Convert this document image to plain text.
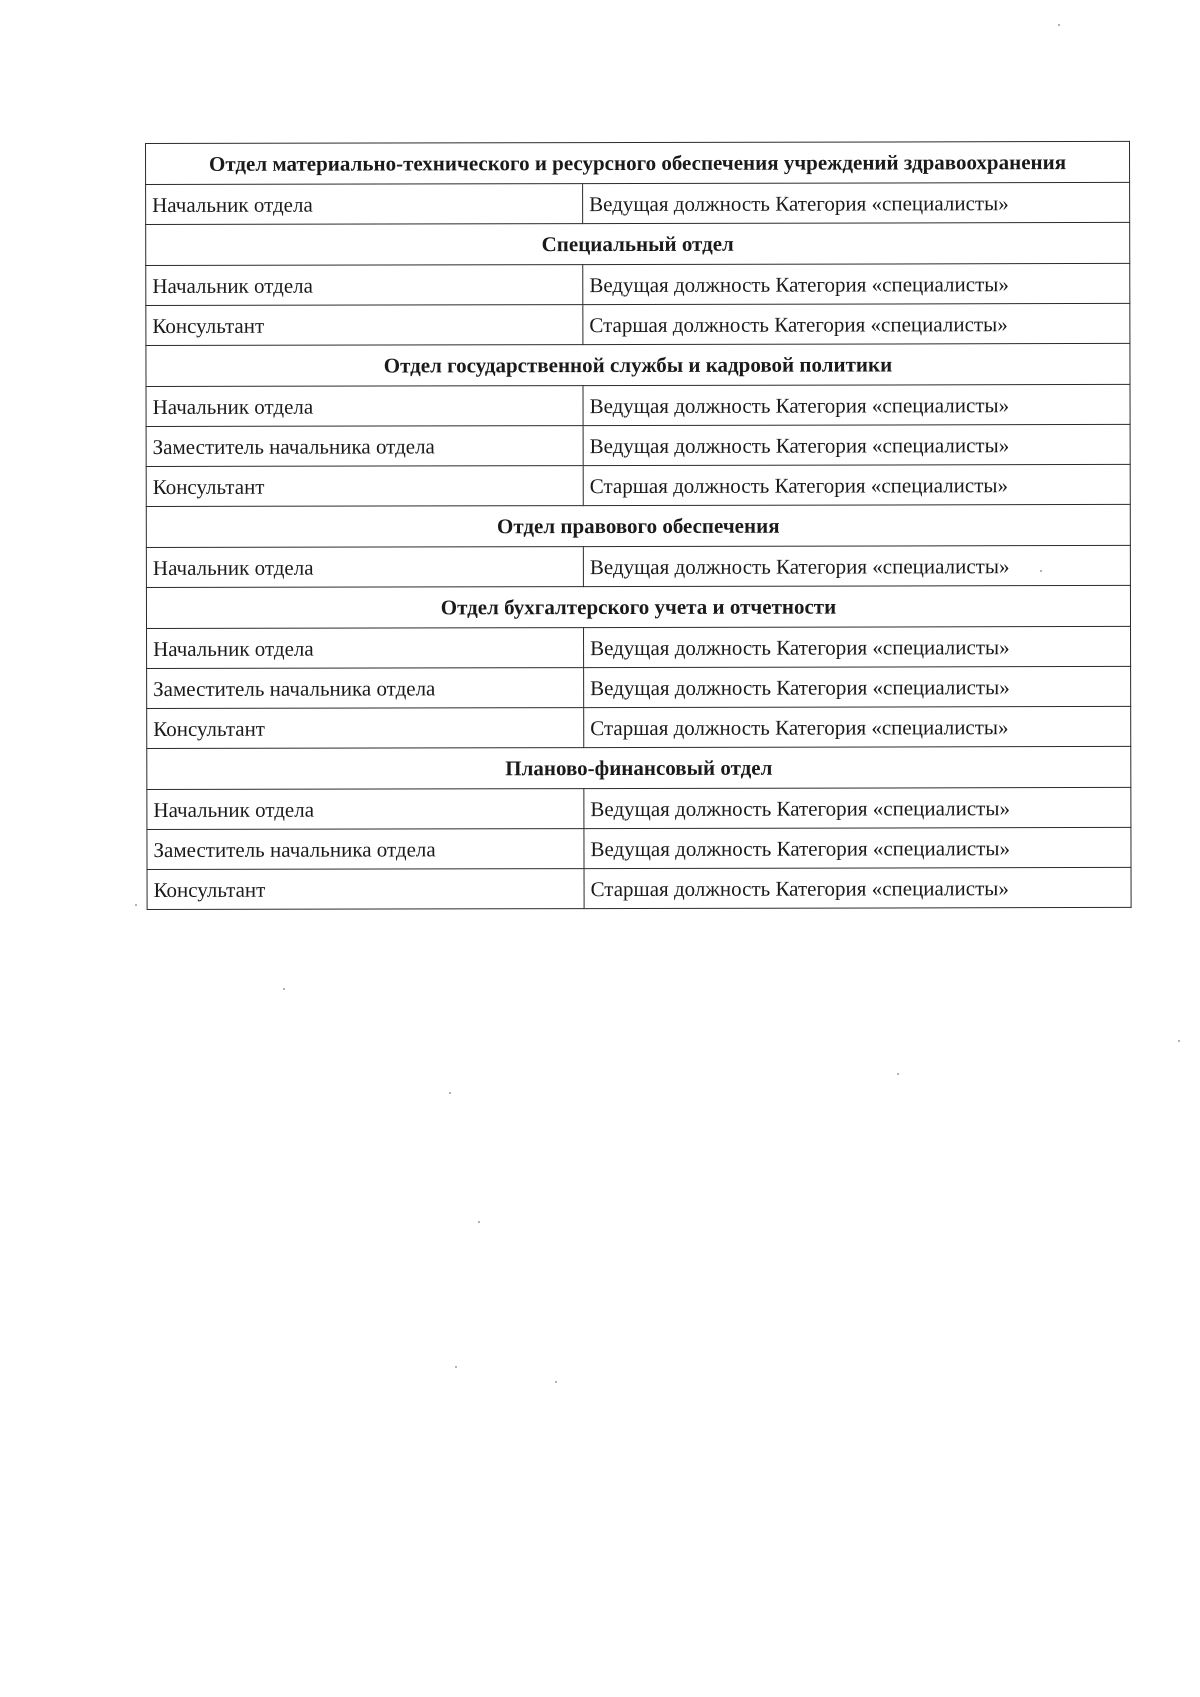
Отдел материально-технического и ресурсного обеспечения учреждений здравоохранения	
Начальник отдела	Ведущая должность Категория «специалисты»
Специальный отдел	
Начальник отдела	Ведущая должность Категория «специалисты»
Консультант	Старшая должность Категория «специалисты»
Отдел государственной службы и кадровой политики	
Начальник отдела	Ведущая должность Категория «специалисты»
Заместитель начальника отдела	Ведущая должность Категория «специалисты»
Консультант	Старшая должность Категория «специалисты»
Отдел правового обеспечения	
Начальник отдела	Ведущая должность Категория «специалисты»
Отдел бухгалтерского учета и отчетности	
Начальник отдела	Ведущая должность Категория «специалисты»
Заместитель начальника отдела	Ведущая должность Категория «специалисты»
Консультант	Старшая должность Категория «специалисты»
Планово-финансовый отдел	
Начальник отдела	Ведущая должность Категория «специалисты»
Заместитель начальника отдела	Ведущая должность Категория «специалисты»
Консультант	Старшая должность Категория «специалисты»
